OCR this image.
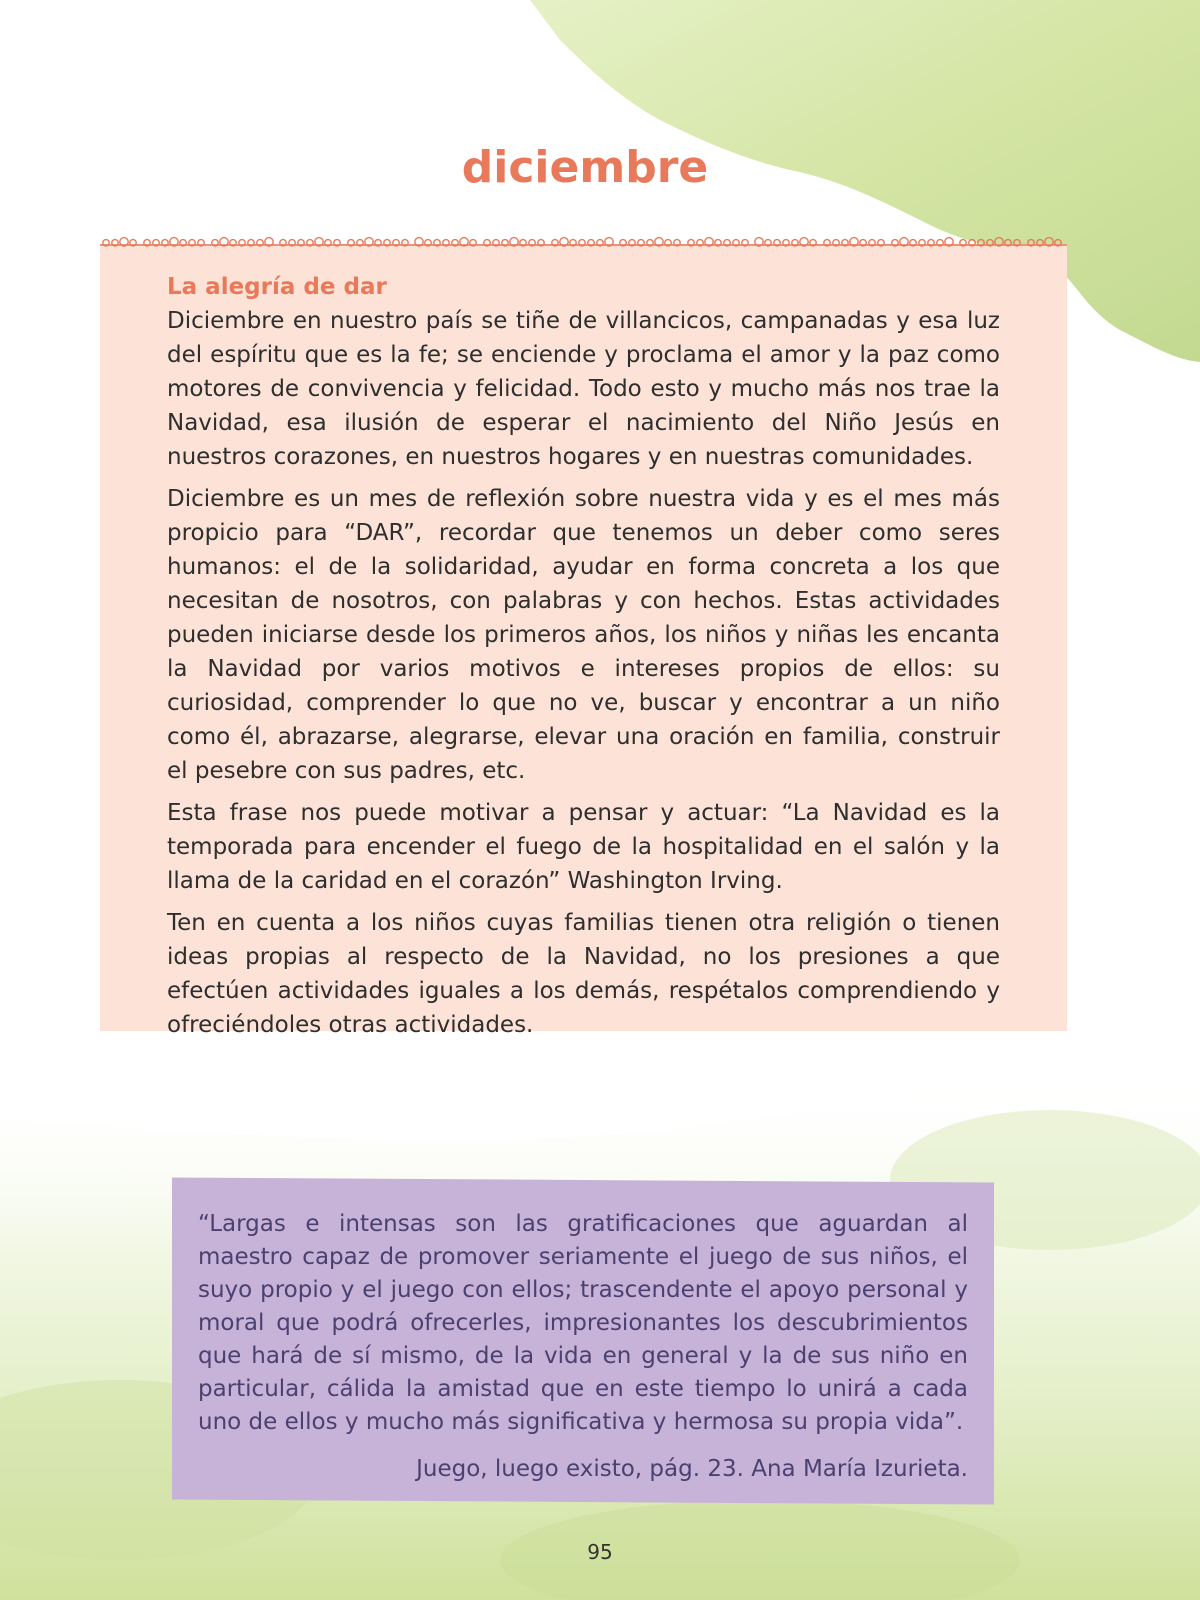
diciembre
La alegría de dar

Diciembre en nuestro país se tiñe de villancicos, campanadas y esa luz del espíritu que es la fe; se enciende y proclama el amor y la paz como motores de convivencia y felicidad. Todo esto y mucho más nos trae la Navidad, esa ilusión de esperar el nacimiento del Niño Jesús en nuestros corazones, en nuestros hogares y en nuestras comunidades.

Diciembre es un mes de reflexión sobre nuestra vida y es el mes más propicio para “DAR”, recordar que tenemos un deber como seres humanos: el de la solidaridad, ayudar en forma concreta a los que necesitan de nosotros, con palabras y con hechos. Estas actividades pueden iniciarse desde los primeros años, los niños y niñas les encanta la Navidad por varios motivos e intereses propios de ellos: su curiosidad, comprender lo que no ve, buscar y encontrar a un niño como él, abrazarse, alegrarse, elevar una oración en familia, construir el pesebre con sus padres, etc.

Esta frase nos puede motivar a pensar y actuar: “La Navidad es la temporada para encender el fuego de la hospitalidad en el salón y la llama de la caridad en el corazón” Washington Irving.

Ten en cuenta a los niños cuyas familias tienen otra religión o tienen ideas propias al respecto de la Navidad, no los presiones a que efectúen actividades iguales a los demás, respétalos comprendiendo y ofreciéndoles otras actividades.

“Largas e intensas son las gratificaciones que aguardan al maestro capaz de promover seriamente el juego de sus niños, el suyo propio y el juego con ellos; trascendente el apoyo personal y moral que podrá ofrecerles, impresionantes los descubrimientos que hará de sí mismo, de la vida en general y la de sus niño en particular, cálida la amistad que en este tiempo lo unirá a cada uno de ellos y mucho más significativa y hermosa su propia vida”.

Juego, luego existo, pág. 23. Ana María Izurieta.

95
